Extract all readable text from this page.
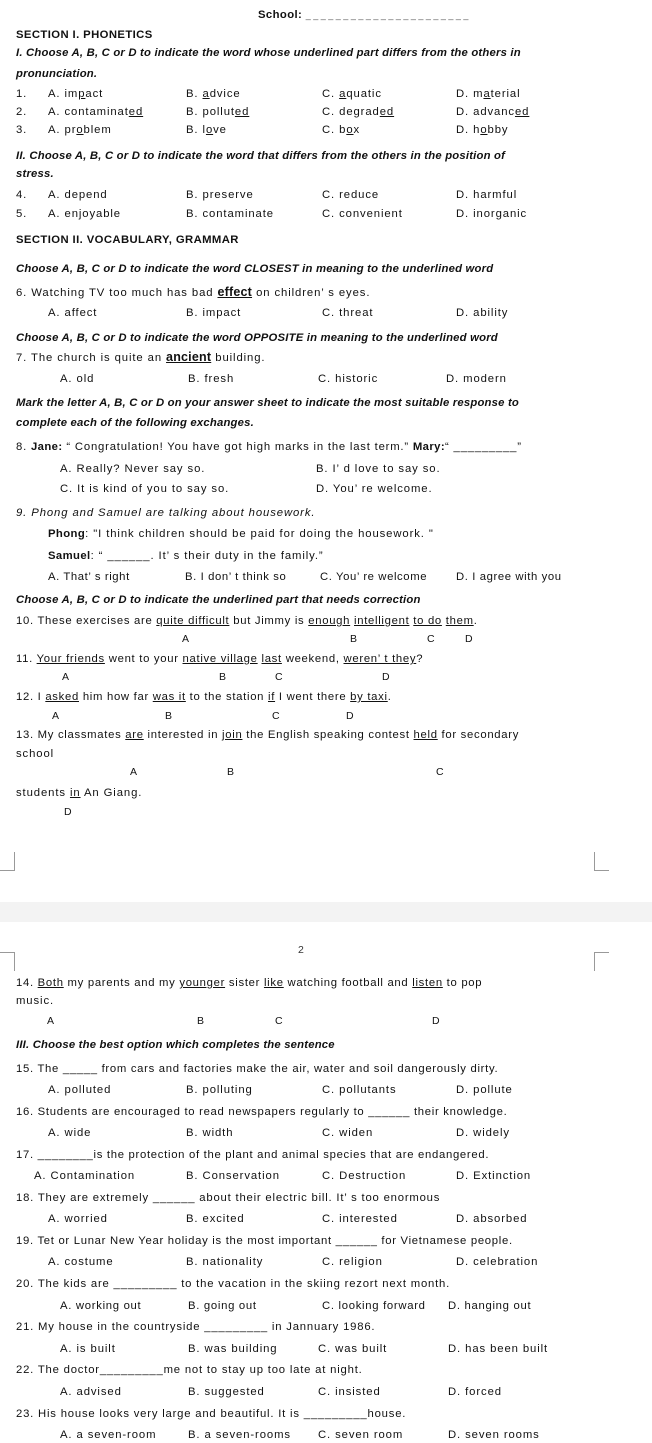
School: _ _ _ _ _ _ _ _ _ _ _ _ _ _ _ _ _ _ _ _ _ _
SECTION I. PHONETICS
I. Choose A, B, C or D to indicate the word whose underlined part differs from the others in
pronunciation.
1. A. impact	B. advice	C. aquatic	D. material
2. A. contaminated	B. polluted	C. degraded	D. advanced
3. A. problem	B. love	C. box	D. hobby
II. Choose A, B, C or D to indicate the word that differs from the others in the position of
stress.
4. A. depend	B. preserve	C. reduce	D. harmful
5. A. enjoyable	B. contaminate	C. convenient	D. inorganic
SECTION II. VOCABULARY, GRAMMAR
Choose A, B, C or D to indicate the word CLOSEST in meaning to the underlined word
6. Watching TV too much has bad effect on children’ s eyes.
A. affect	B. impact	C. threat	D. ability
Choose A, B, C or D to indicate the word OPPOSITE in meaning to the underlined word
7. The church is quite an ancient building.
A. old	B. fresh	C. historic	D. modern
Mark the letter A, B, C or D on your answer sheet to indicate the most suitable response to
complete each of the following exchanges.
8. Jane: “ Congratulation! You have got high marks in the last term.” Mary:“ _________”
A. Really? Never say so.	B. I’ d love to say so.
C. It is kind of you to say so.	D. You’ re welcome.
9. Phong and Samuel are talking about housework.
Phong: "I think children should be paid for doing the housework. "
Samuel: “ ______. It’ s their duty in the family.”
A. That’ s right	B. I don’ t think so	C. You’ re welcome	D. I agree with you
Choose A, B, C or D to indicate the underlined part that needs correction
10. These exercises are quite difficult but Jimmy is enough intelligent to do them.
A	B	C	D
11. Your friends went to your native village last weekend, weren’ t they?
A	B	C	D
12. I asked him how far was it to the station if I went there by taxi.
A	B	C	D
13. My classmates are interested in join the English speaking contest held for secondary
school
A	B	C
students in An Giang.
D
2
14. Both my parents and my younger sister like watching football and listen to pop
music.
A	B	C	D
III. Choose the best option which completes the sentence
15. The _____ from cars and factories make the air, water and soil dangerously dirty.
A. polluted	B. polluting	C. pollutants	D. pollute
16. Students are encouraged to read newspapers regularly to ______ their knowledge.
A. wide	B. width	C. widen	D. widely
17. ________is the protection of the plant and animal species that are endangered.
A. Contamination	B. Conservation	C. Destruction	D. Extinction
18. They are extremely ______ about their electric bill. It’ s too enormous
A. worried	B. excited	C. interested	D. absorbed
19. Tet or Lunar New Year holiday is the most important ______ for Vietnamese people.
A. costume	B. nationality	C. religion	D. celebration
20. The kids are _________ to the vacation in the skiing rezort next month.
A. working out	B. going out	C. looking forward D. hanging out
21. My house in the countryside _________ in Jannuary 1986.
A. is built	B. was building	C. was built	D. has been built
22. The doctor_________me not to stay up too late at night.
A. advised	B. suggested	C. insisted	D. forced
23. His house looks very large and beautiful. It is _________house.
A. a seven-room	B. a seven-rooms C. seven room	D. seven rooms
